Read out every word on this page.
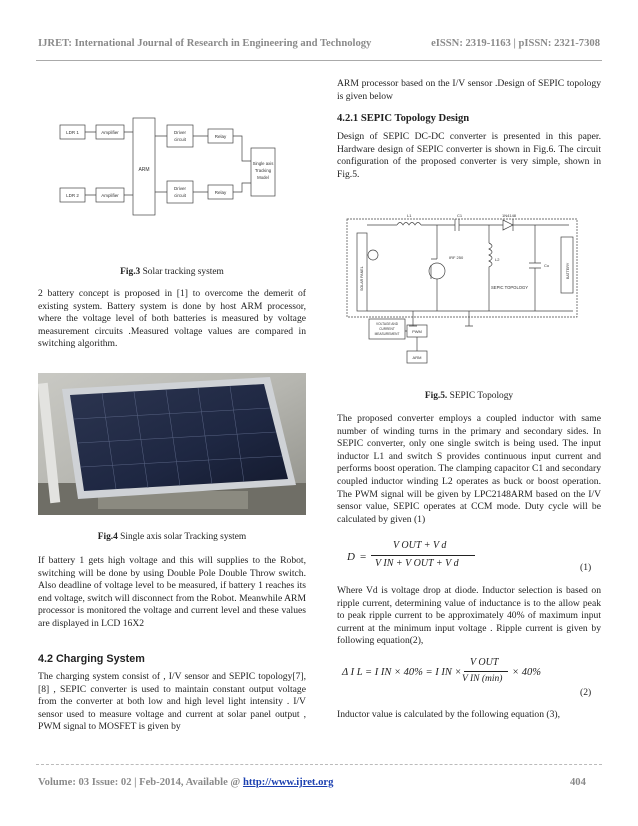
IJRET: International Journal of Research in Engineering and Technology	eISSN: 2319-1163 | pISSN: 2321-7308
LDR 1	Amplifier
LDR 2	Amplifier
ARM
Driver
circuit
Driver
circuit
Relay
Relay
Single axis
Tracking
Model
Fig.3 Solar tracking system

2 battery concept is proposed in [1] to overcome the demerit of existing system. Battery system is done by host ARM processor, where the voltage level of both batteries is measured by voltage measurement circuits .Measured voltage values are compared in switching algorithm.

Fig.4 Single axis solar Tracking system

If battery 1 gets high voltage and this will supplies to the Robot, switching will be done by using Double Pole Double Throw switch. Also deadline of voltage level to be measured, if battery 1 reaches its end voltage, switch will disconnect from the Robot. Meanwhile ARM processor is monitored the voltage and current level and these values are displayed in LCD 16X2

4.2 Charging System

The charging system consist of , I/V sensor and SEPIC topology[7],[8] , SEPIC converter is used to maintain constant output voltage from the converter at both low and high level light intensity . I/V sensor used to measure voltage and current at solar panel output , PWM signal to MOSFET is given by

ARM processor based on the I/V sensor .Design of SEPIC topology is given below

4.2.1 SEPIC Topology Design

Design of SEPIC DC-DC converter is presented in this paper. Hardware design of SEPIC converter is shown in Fig.6. The circuit configuration of the proposed converter is very simple, shown in Fig.5.

L1	C1	1N4148
IRF 250	L2
Co
SOLAR PANEL	SEPIC TOPOLOGY
BATTERY
VOLTAGE AND
CURRENT
MEASUREMENT	PWM
ARM
Fig.5. SEPIC Topology

The proposed converter employs a coupled inductor with same number of winding turns in the primary and secondary sides. In SEPIC converter, only one single switch is being used. The input inductor L1 and switch S provides continuous input current and performs boost operation. The clamping capacitor C1 and secondary coupled inductor winding L2 operates as buck or boost operation. The PWM signal will be given by LPC2148ARM based on the I/V sensor value, SEPIC operates at CCM mode. Duty cycle will be calculated by given (1)

D =
V OUT + V d
V IN + V OUT + V d	(1)

Where Vd is voltage drop at diode. Inductor selection is based on ripple current, determining value of inductance is to the allow peak to peak ripple current to be approximately 40% of maximum input current at the minimum input voltage . Ripple current is given by following equation(2),

Δ I L = I IN × 40% = I IN ×
V OUT
V IN (min)
× 40%
(2)

Inductor value is calculated by the following equation (3),

Volume: 03 Issue: 02 | Feb-2014, Available @ http://www.ijret.org	404
